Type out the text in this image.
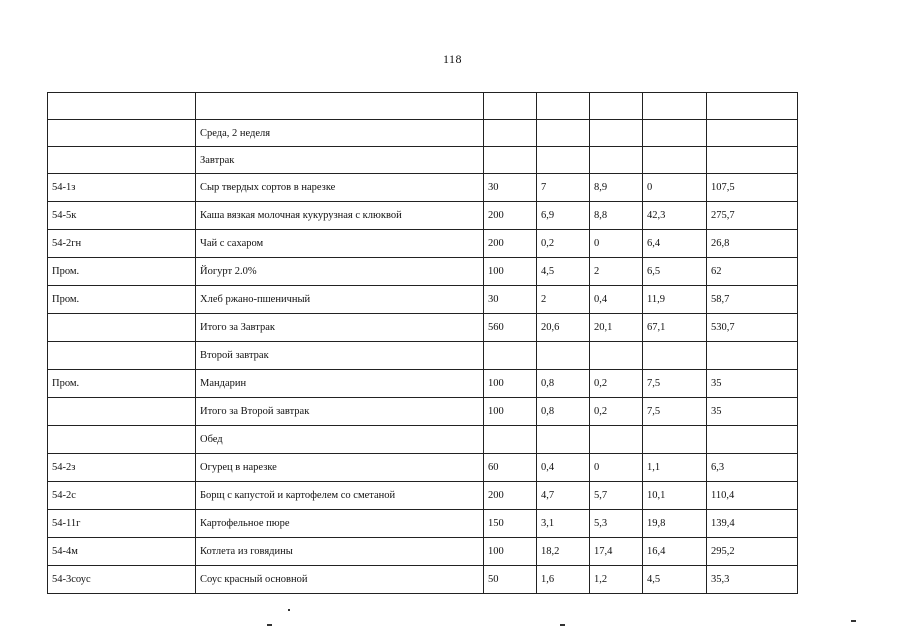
118

	Среда, 2 неделя					
	Завтрак					
54-1з	Сыр твердых сортов в нарезке	30	7	8,9	0	107,5
54-5к	Каша вязкая молочная кукурузная с клюквой	200	6,9	8,8	42,3	275,7
54-2гн	Чай с сахаром	200	0,2	0	6,4	26,8
Пром.	Йогурт 2.0%	100	4,5	2	6,5	62
Пром.	Хлеб ржано-пшеничный	30	2	0,4	11,9	58,7
	Итого за Завтрак	560	20,6	20,1	67,1	530,7
	Второй завтрак					
Пром.	Мандарин	100	0,8	0,2	7,5	35
	Итого за Второй завтрак	100	0,8	0,2	7,5	35
	Обед					
54-2з	Огурец в нарезке	60	0,4	0	1,1	6,3
54-2с	Борщ с капустой и картофелем со сметаной	200	4,7	5,7	10,1	110,4
54-11г	Картофельное пюре	150	3,1	5,3	19,8	139,4
54-4м	Котлета из говядины	100	18,2	17,4	16,4	295,2
54-3соус	Соус красный основной	50	1,6	1,2	4,5	35,3
